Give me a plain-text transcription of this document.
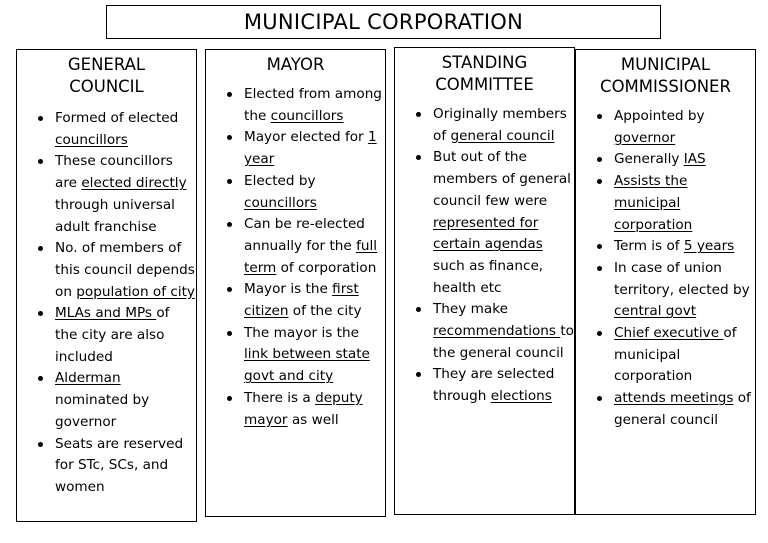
MUNICIPAL CORPORATION
GENERAL
COUNCIL
Formed of elected councillors
These councillors are elected directly through universal adult franchise
No. of members of this council depends on population of city
MLAs and MPs of the city are also included
Alderman nominated by governor
Seats are reserved for STc, SCs, and women
MAYOR
Elected from among the councillors
Mayor elected for 1 year
Elected by councillors
Can be re-elected annually for the full term of corporation
Mayor is the first citizen of the city
The mayor is the link between state govt and city
There is a deputy mayor as well
STANDING
COMMITTEE
Originally members of general council
But out of the members of general council few were represented for certain agendas such as finance, health etc
They make recommendations to the general council
They are selected through elections
MUNICIPAL
COMMISSIONER
Appointed by governor
Generally IAS
Assists the municipal corporation
Term is of 5 years
In case of union territory, elected by central govt
Chief executive of municipal corporation
attends meetings of general council
